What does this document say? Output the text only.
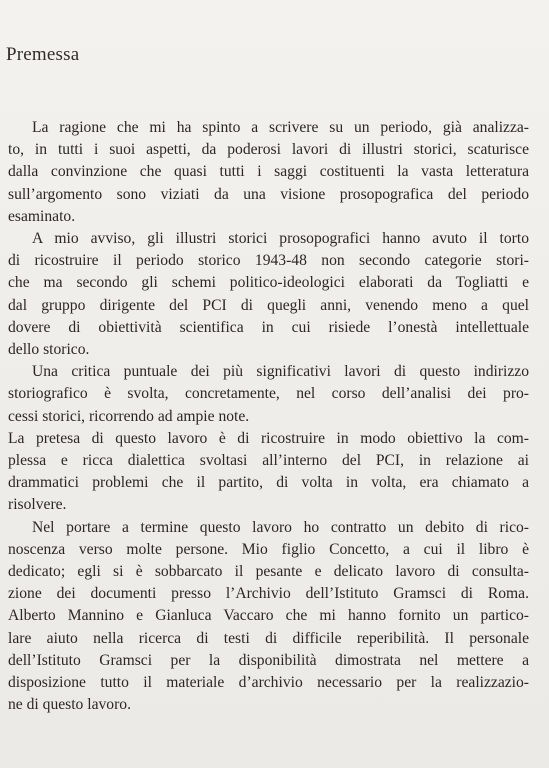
Premessa
La ragione che mi ha spinto a scrivere su un periodo, già analizza-
to, in tutti i suoi aspetti, da poderosi lavori di illustri storici, scaturisce
dalla convinzione che quasi tutti i saggi costituenti la vasta letteratura
sull’argomento sono viziati da una visione prosopografica del periodo
esaminato.
A mio avviso, gli illustri storici prosopografici hanno avuto il torto
di ricostruire il periodo storico 1943-48 non secondo categorie stori-
che ma secondo gli schemi politico-ideologici elaborati da Togliatti e
dal gruppo dirigente del PCI di quegli anni, venendo meno a quel
dovere di obiettività scientifica in cui risiede l’onestà intellettuale
dello storico.
Una critica puntuale dei più significativi lavori di questo indirizzo
storiografico è svolta, concretamente, nel corso dell’analisi dei pro-
cessi storici, ricorrendo ad ampie note.
La pretesa di questo lavoro è di ricostruire in modo obiettivo la com-
plessa e ricca dialettica svoltasi all’interno del PCI, in relazione ai
drammatici problemi che il partito, di volta in volta, era chiamato a
risolvere.
Nel portare a termine questo lavoro ho contratto un debito di rico-
noscenza verso molte persone. Mio figlio Concetto, a cui il libro è
dedicato; egli si è sobbarcato il pesante e delicato lavoro di consulta-
zione dei documenti presso l’Archivio dell’Istituto Gramsci di Roma.
Alberto Mannino e Gianluca Vaccaro che mi hanno fornito un partico-
lare aiuto nella ricerca di testi di difficile reperibilità. Il personale
dell’Istituto Gramsci per la disponibilità dimostrata nel mettere a
disposizione tutto il materiale d’archivio necessario per la realizzazio-
ne di questo lavoro.
